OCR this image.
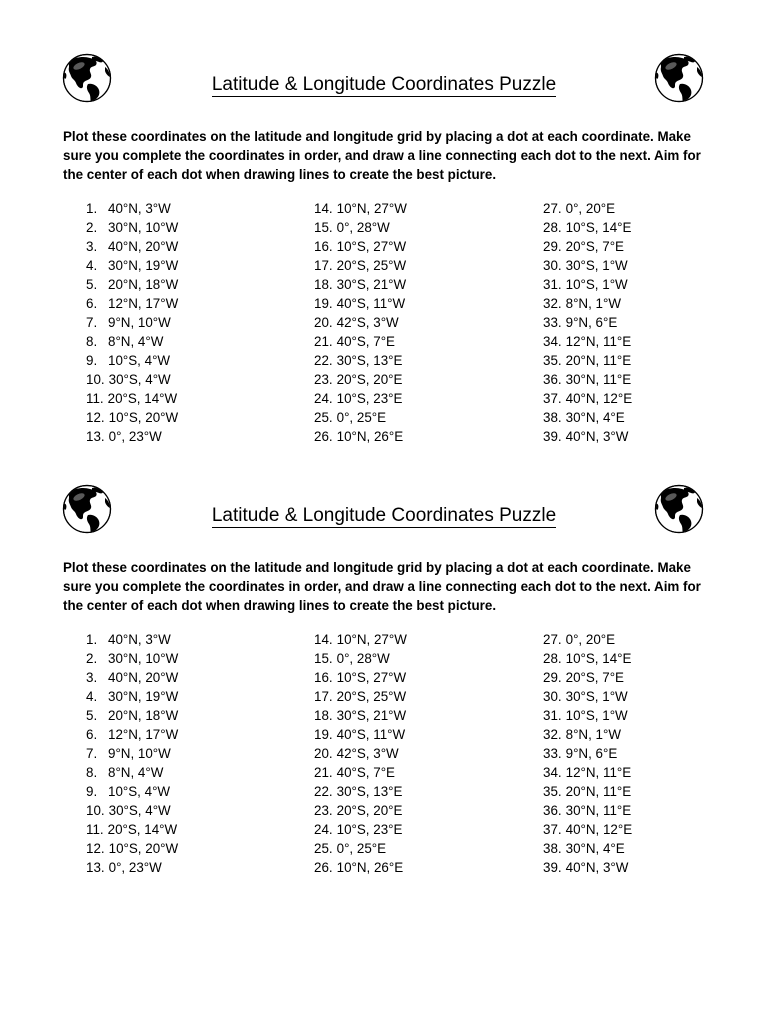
Latitude & Longitude Coordinates Puzzle
Plot these coordinates on the latitude and longitude grid by placing a dot at each coordinate. Make sure you complete the coordinates in order, and draw a line connecting each dot to the next. Aim for the center of each dot when drawing lines to create the best picture.
1. 40°N, 3°W
2. 30°N, 10°W
3. 40°N, 20°W
4. 30°N, 19°W
5. 20°N, 18°W
6. 12°N, 17°W
7. 9°N, 10°W
8. 8°N, 4°W
9. 10°S, 4°W
10. 30°S, 4°W
11. 20°S, 14°W
12. 10°S, 20°W
13. 0°, 23°W
14. 10°N, 27°W
15. 0°, 28°W
16. 10°S, 27°W
17. 20°S, 25°W
18. 30°S, 21°W
19. 40°S, 11°W
20. 42°S, 3°W
21. 40°S, 7°E
22. 30°S, 13°E
23. 20°S, 20°E
24. 10°S, 23°E
25. 0°, 25°E
26. 10°N, 26°E
27. 0°, 20°E
28. 10°S, 14°E
29. 20°S, 7°E
30. 30°S, 1°W
31. 10°S, 1°W
32. 8°N, 1°W
33. 9°N, 6°E
34. 12°N, 11°E
35. 20°N, 11°E
36. 30°N, 11°E
37. 40°N, 12°E
38. 30°N, 4°E
39. 40°N, 3°W
Latitude & Longitude Coordinates Puzzle
Plot these coordinates on the latitude and longitude grid by placing a dot at each coordinate. Make sure you complete the coordinates in order, and draw a line connecting each dot to the next. Aim for the center of each dot when drawing lines to create the best picture.
1. 40°N, 3°W
2. 30°N, 10°W
3. 40°N, 20°W
4. 30°N, 19°W
5. 20°N, 18°W
6. 12°N, 17°W
7. 9°N, 10°W
8. 8°N, 4°W
9. 10°S, 4°W
10. 30°S, 4°W
11. 20°S, 14°W
12. 10°S, 20°W
13. 0°, 23°W
14. 10°N, 27°W
15. 0°, 28°W
16. 10°S, 27°W
17. 20°S, 25°W
18. 30°S, 21°W
19. 40°S, 11°W
20. 42°S, 3°W
21. 40°S, 7°E
22. 30°S, 13°E
23. 20°S, 20°E
24. 10°S, 23°E
25. 0°, 25°E
26. 10°N, 26°E
27. 0°, 20°E
28. 10°S, 14°E
29. 20°S, 7°E
30. 30°S, 1°W
31. 10°S, 1°W
32. 8°N, 1°W
33. 9°N, 6°E
34. 12°N, 11°E
35. 20°N, 11°E
36. 30°N, 11°E
37. 40°N, 12°E
38. 30°N, 4°E
39. 40°N, 3°W
